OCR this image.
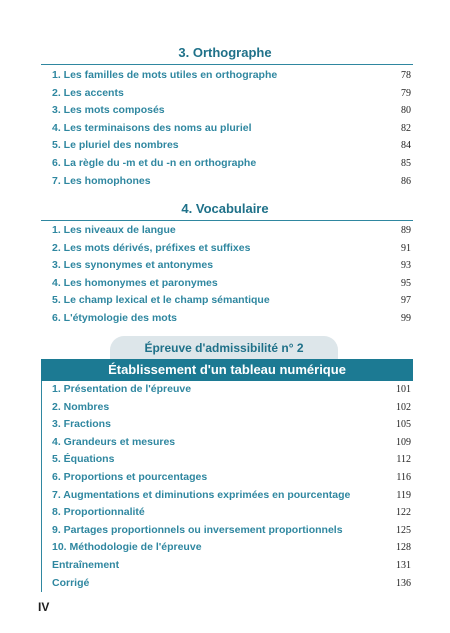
3. Orthographe
1. Les familles de mots utiles en orthographe	78
2. Les accents	79
3. Les mots composés	80
4. Les terminaisons des noms au pluriel	82
5. Le pluriel des nombres	84
6. La règle du -m et du -n en orthographe	85
7. Les homophones	86
4. Vocabulaire
1. Les niveaux de langue	89
2. Les mots dérivés, préfixes et suffixes	91
3. Les synonymes et antonymes	93
4. Les homonymes et paronymes	95
5. Le champ lexical et le champ sémantique	97
6. L'étymologie des mots	99
Épreuve d'admissibilité n° 2
Établissement d'un tableau numérique
1. Présentation de l'épreuve	101
2. Nombres	102
3. Fractions	105
4. Grandeurs et mesures	109
5. Équations	112
6. Proportions et pourcentages	116
7. Augmentations et diminutions exprimées en pourcentage	119
8. Proportionnalité	122
9. Partages proportionnels ou inversement proportionnels	125
10. Méthodologie de l'épreuve	128
Entraînement	131
Corrigé	136
IV
